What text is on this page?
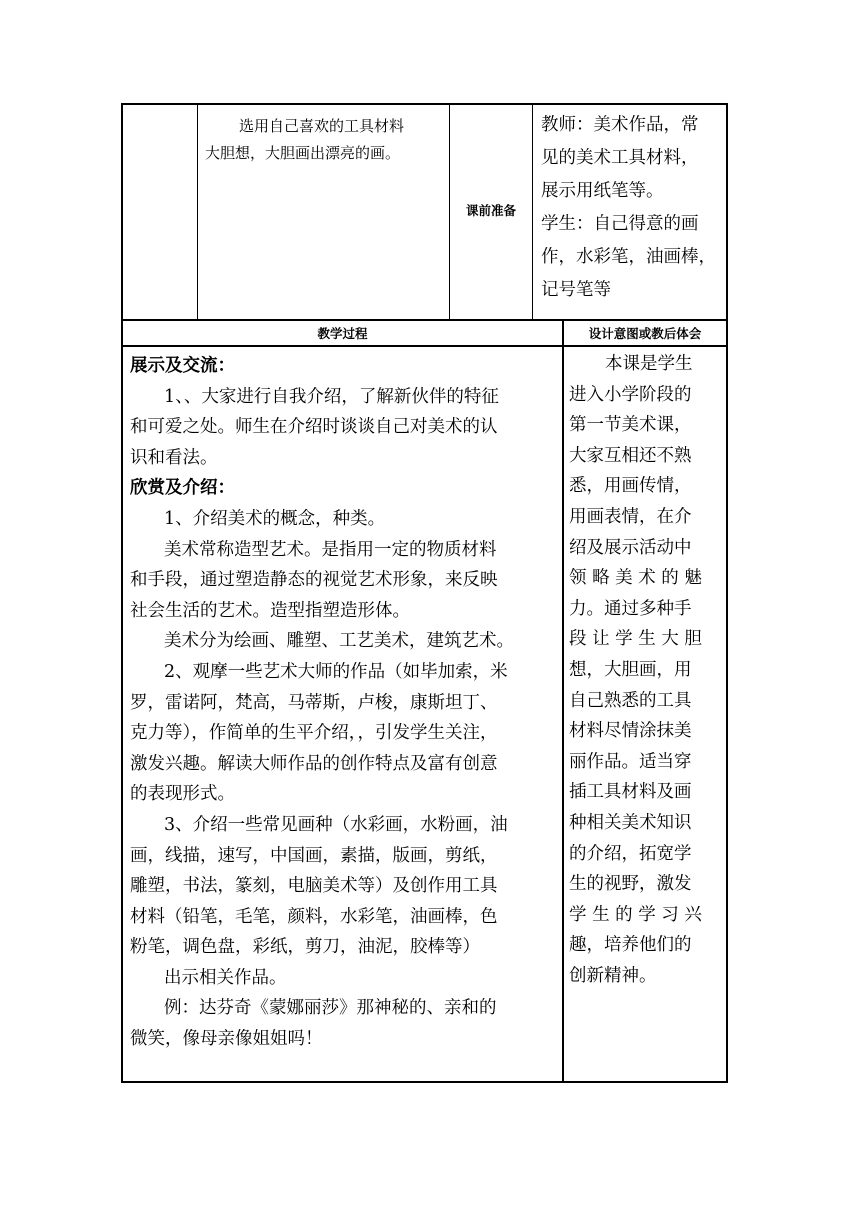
选用自己喜欢的工具材料

大胆想，大胆画出漂亮的画。

课前准备

教师：美术作品，常

见的美术工具材料，

展示用纸笔等。

学生：自己得意的画

作，水彩笔，油画棒，

记号笔等

教学过程	设计意图或教后体会

展示及交流：

1、、大家进行自我介绍，了解新伙伴的特征

和可爱之处。师生在介绍时谈谈自己对美术的认

识和看法。

欣赏及介绍：

1、介绍美术的概念，种类。

美术常称造型艺术。是指用一定的物质材料

和手段，通过塑造静态的视觉艺术形象，来反映

社会生活的艺术。造型指塑造形体。

美术分为绘画、雕塑、工艺美术，建筑艺术。

2、观摩一些艺术大师的作品（如毕加索，米

罗，雷诺阿，梵高，马蒂斯，卢梭，康斯坦丁、

克力等），作简单的生平介绍，，引发学生关注，

激发兴趣。解读大师作品的创作特点及富有创意

的表现形式。

3、介绍一些常见画种（水彩画，水粉画，油

画，线描，速写，中国画，素描，版画，剪纸，

雕塑，书法，篆刻，电脑美术等）及创作用工具

材料（铅笔，毛笔，颜料，水彩笔，油画棒，色

粉笔，调色盘，彩纸，剪刀，油泥，胶棒等）

出示相关作品。

例：达芬奇《蒙娜丽莎》那神秘的、亲和的

微笑，像母亲像姐姐吗！

本课是学生

进入小学阶段的

第一节美术课，

大家互相还不熟

悉，用画传情，

用画表情，在介

绍及展示活动中

领 略 美 术 的 魅

力。通过多种手

段 让 学 生 大 胆

想，大胆画，用

自己熟悉的工具

材料尽情涂抹美

丽作品。适当穿

插工具材料及画

种相关美术知识

的介绍，拓宽学

生的视野，激发

学 生 的 学 习 兴

趣，培养他们的

创新精神。
